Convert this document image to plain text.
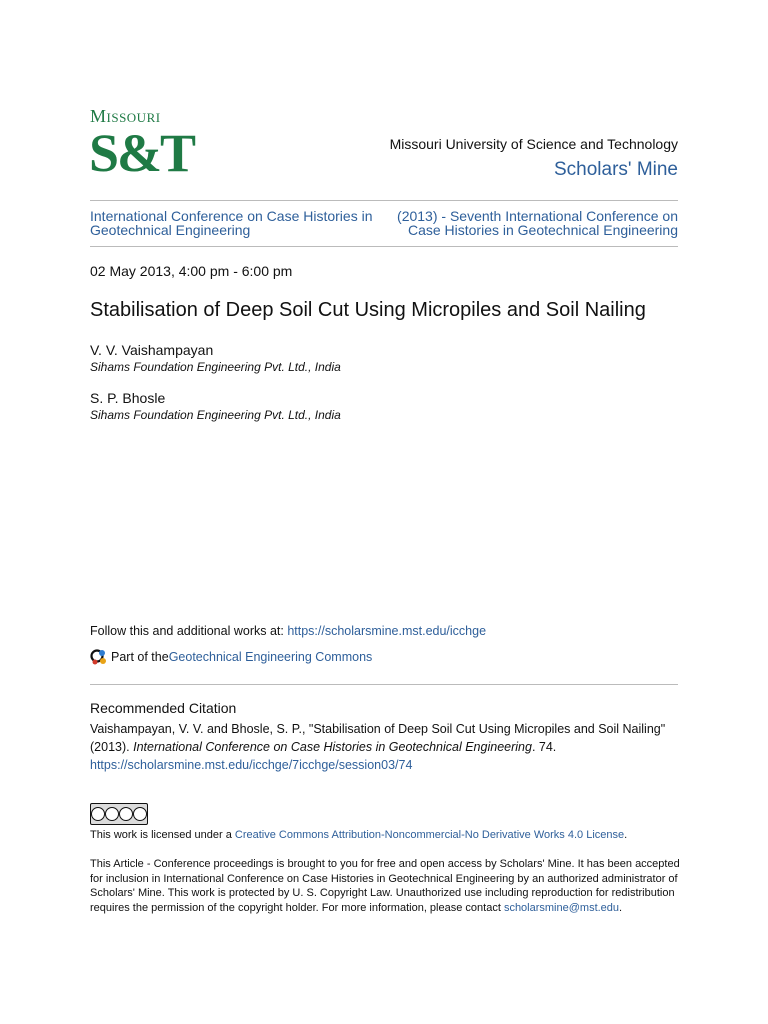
Missouri
S&T	Missouri University of Science and Technology
Scholars' Mine
International Conference on Case Histories in Geotechnical Engineering
(2013) - Seventh International Conference on Case Histories in Geotechnical Engineering
02 May 2013, 4:00 pm - 6:00 pm
Stabilisation of Deep Soil Cut Using Micropiles and Soil Nailing
V. V. Vaishampayan
Sihams Foundation Engineering Pvt. Ltd., India
S. P. Bhosle
Sihams Foundation Engineering Pvt. Ltd., India
Follow this and additional works at: https://scholarsmine.mst.edu/icchge
Part of the Geotechnical Engineering Commons
Recommended Citation
Vaishampayan, V. V. and Bhosle, S. P., "Stabilisation of Deep Soil Cut Using Micropiles and Soil Nailing" (2013). International Conference on Case Histories in Geotechnical Engineering. 74.
https://scholarsmine.mst.edu/icchge/7icchge/session03/74
This work is licensed under a Creative Commons Attribution-Noncommercial-No Derivative Works 4.0 License.
This Article - Conference proceedings is brought to you for free and open access by Scholars' Mine. It has been accepted for inclusion in International Conference on Case Histories in Geotechnical Engineering by an authorized administrator of Scholars' Mine. This work is protected by U. S. Copyright Law. Unauthorized use including reproduction for redistribution requires the permission of the copyright holder. For more information, please contact scholarsmine@mst.edu.
